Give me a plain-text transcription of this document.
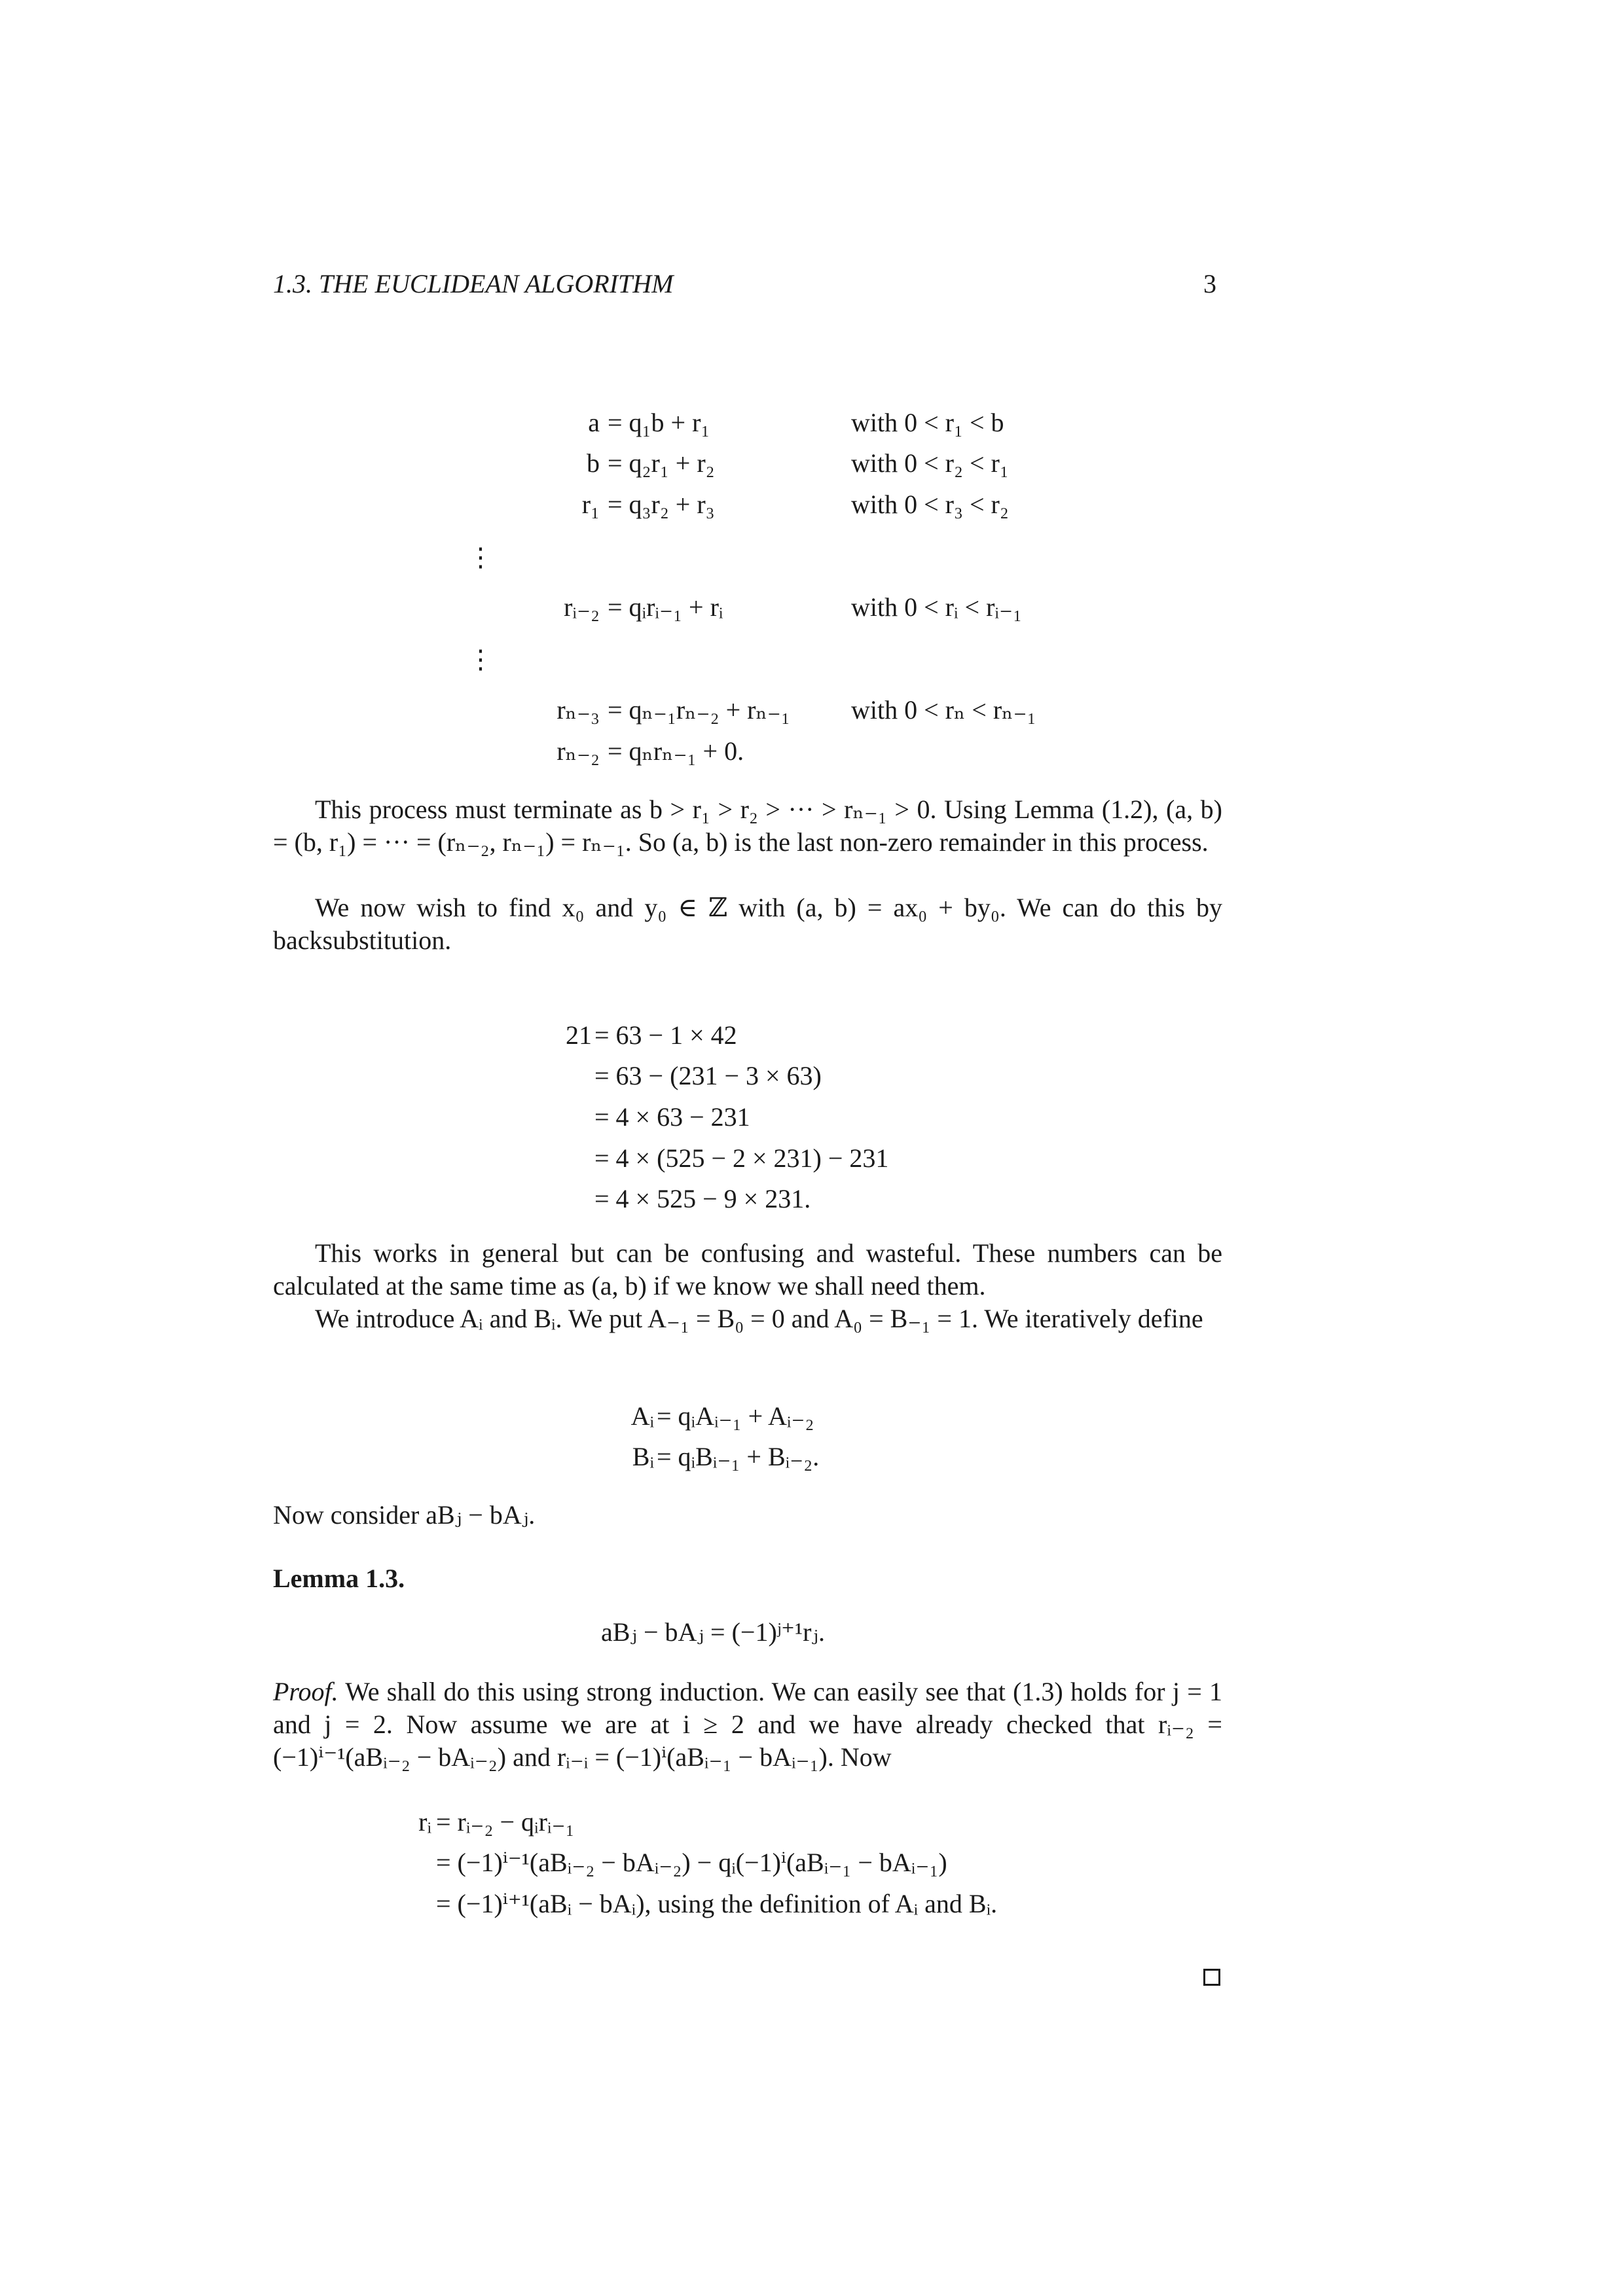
1.3. THE EUCLIDEAN ALGORITHM	3
a = q₁b + r₁	with 0 < r₁ < b
b = q₂r₁ + r₂	with 0 < r₂ < r₁
r₁ = q₃r₂ + r₃	with 0 < r₃ < r₂
⋮
rᵢ₋₂ = qᵢrᵢ₋₁ + rᵢ	with 0 < rᵢ < rᵢ₋₁
⋮
rₙ₋₃ = qₙ₋₁rₙ₋₂ + rₙ₋₁ with 0 < rₙ < rₙ₋₁
rₙ₋₂ = qₙrₙ₋₁ + 0.
This process must terminate as b > r₁ > r₂ > ··· > rₙ₋₁ > 0. Using Lemma (1.2), (a, b) = (b, r₁) = ··· = (rₙ₋₂, rₙ₋₁) = rₙ₋₁. So (a, b) is the last non-zero remainder in this process.
We now wish to find x₀ and y₀ ∈ ℤ with (a, b) = ax₀ + by₀. We can do this by backsubstitution.
21 = 63 − 1 × 42
= 63 − (231 − 3 × 63)
= 4 × 63 − 231
= 4 × (525 − 2 × 231) − 231
= 4 × 525 − 9 × 231.
This works in general but can be confusing and wasteful. These numbers can be calculated at the same time as (a, b) if we know we shall need them.
We introduce Aᵢ and Bᵢ. We put A₋₁ = B₀ = 0 and A₀ = B₋₁ = 1. We iteratively define
Aᵢ = qᵢAᵢ₋₁ + Aᵢ₋₂
Bᵢ = qᵢBᵢ₋₁ + Bᵢ₋₂.
Now consider aBⱼ − bAⱼ.
Lemma 1.3.
aBⱼ − bAⱼ = (−1)ʲ⁺¹rⱼ.
Proof. We shall do this using strong induction. We can easily see that (1.3) holds for j = 1 and j = 2. Now assume we are at i ≥ 2 and we have already checked that rᵢ₋₂ = (−1)ⁱ⁻¹(aBᵢ₋₂ − bAᵢ₋₂) and rᵢ₋ᵢ = (−1)ⁱ(aBᵢ₋₁ − bAᵢ₋₁). Now
rᵢ = rᵢ₋₂ − qᵢrᵢ₋₁
= (−1)ⁱ⁻¹(aBᵢ₋₂ − bAᵢ₋₂) − qᵢ(−1)ⁱ(aBᵢ₋₁ − bAᵢ₋₁)
= (−1)ⁱ⁺¹(aBᵢ − bAᵢ), using the definition of Aᵢ and Bᵢ.
